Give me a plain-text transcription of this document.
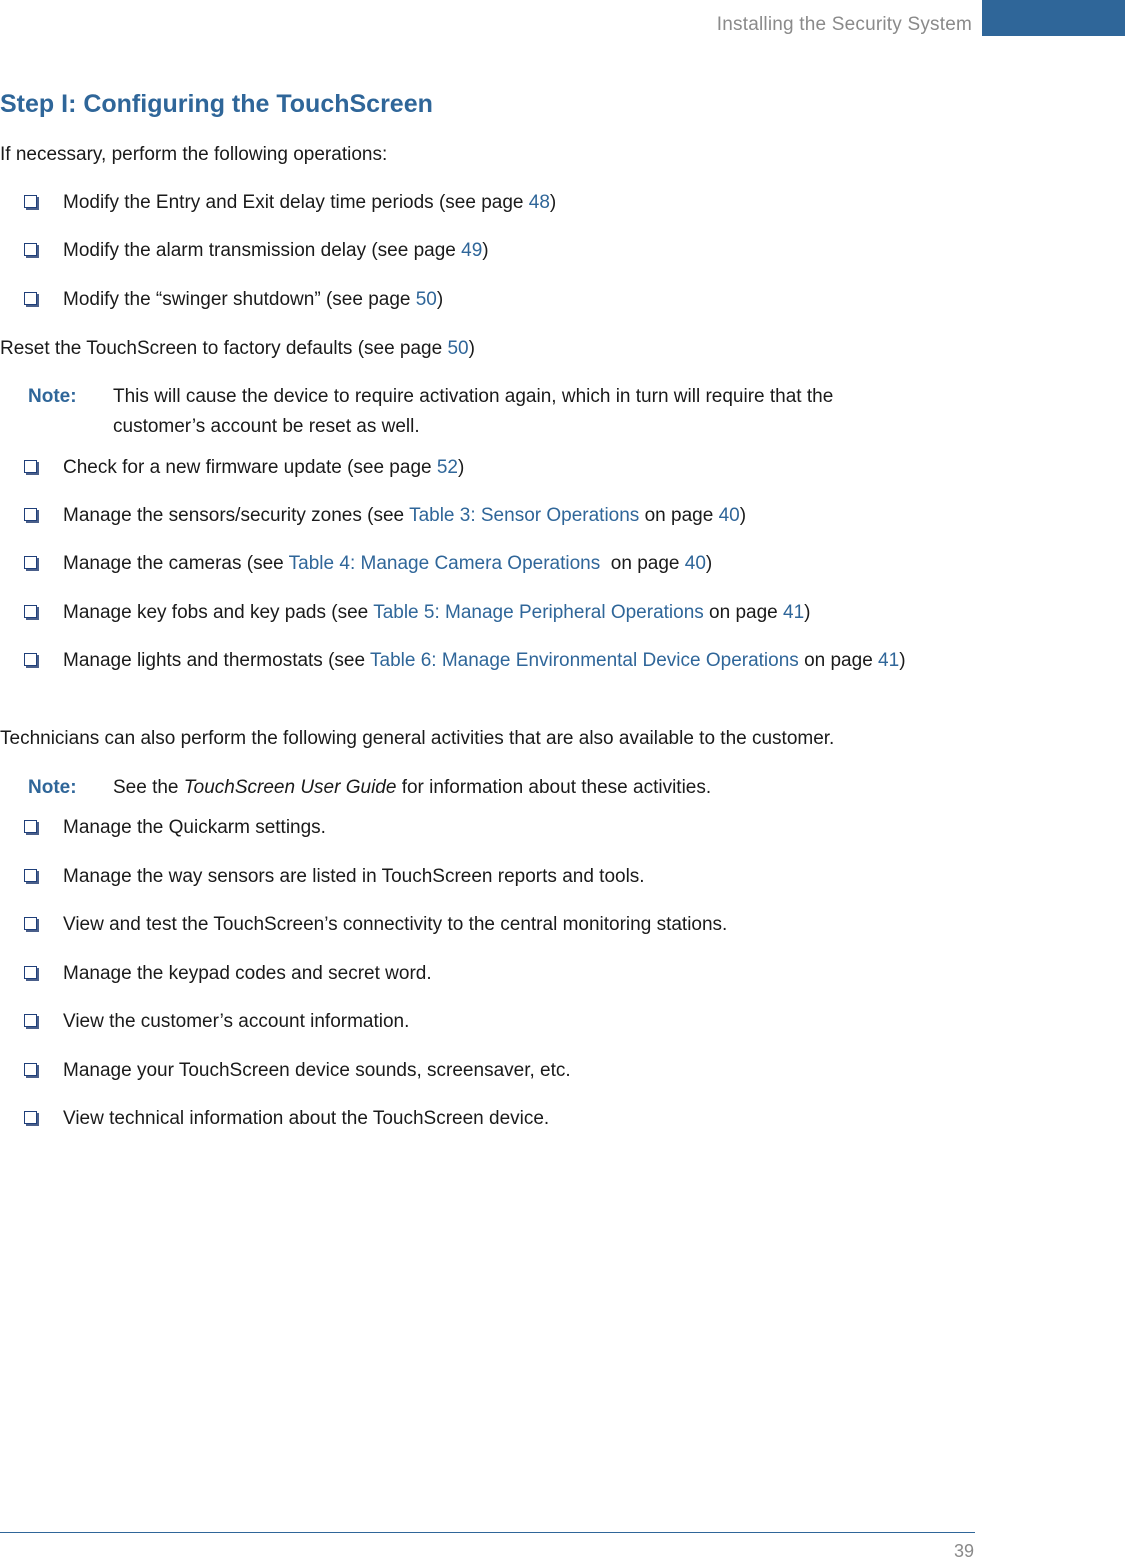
Installing the Security System
Step I: Configuring the TouchScreen

If necessary, perform the following operations:

Modify the Entry and Exit delay time periods (see page 48)
Modify the alarm transmission delay (see page 49)
Modify the “swinger shutdown” (see page 50)

Reset the TouchScreen to factory defaults (see page 50)

Note: This will cause the device to require activation again, which in turn will require that the customer’s account be reset as well.
Check for a new firmware update (see page 52)
Manage the sensors/security zones (see Table 3: Sensor Operations on page 40)
Manage the cameras (see Table 4: Manage Camera Operations  on page 40)
Manage key fobs and key pads (see Table 5: Manage Peripheral Operations on page 41)
Manage lights and thermostats (see Table 6: Manage Environmental Device Operations on page 41)

Technicians can also perform the following general activities that are also available to the customer.

Note: See the TouchScreen User Guide for information about these activities.
Manage the Quickarm settings.
Manage the way sensors are listed in TouchScreen reports and tools.
View and test the TouchScreen’s connectivity to the central monitoring stations.
Manage the keypad codes and secret word.
View the customer’s account information.
Manage your TouchScreen device sounds, screensaver, etc.
View technical information about the TouchScreen device.
39
